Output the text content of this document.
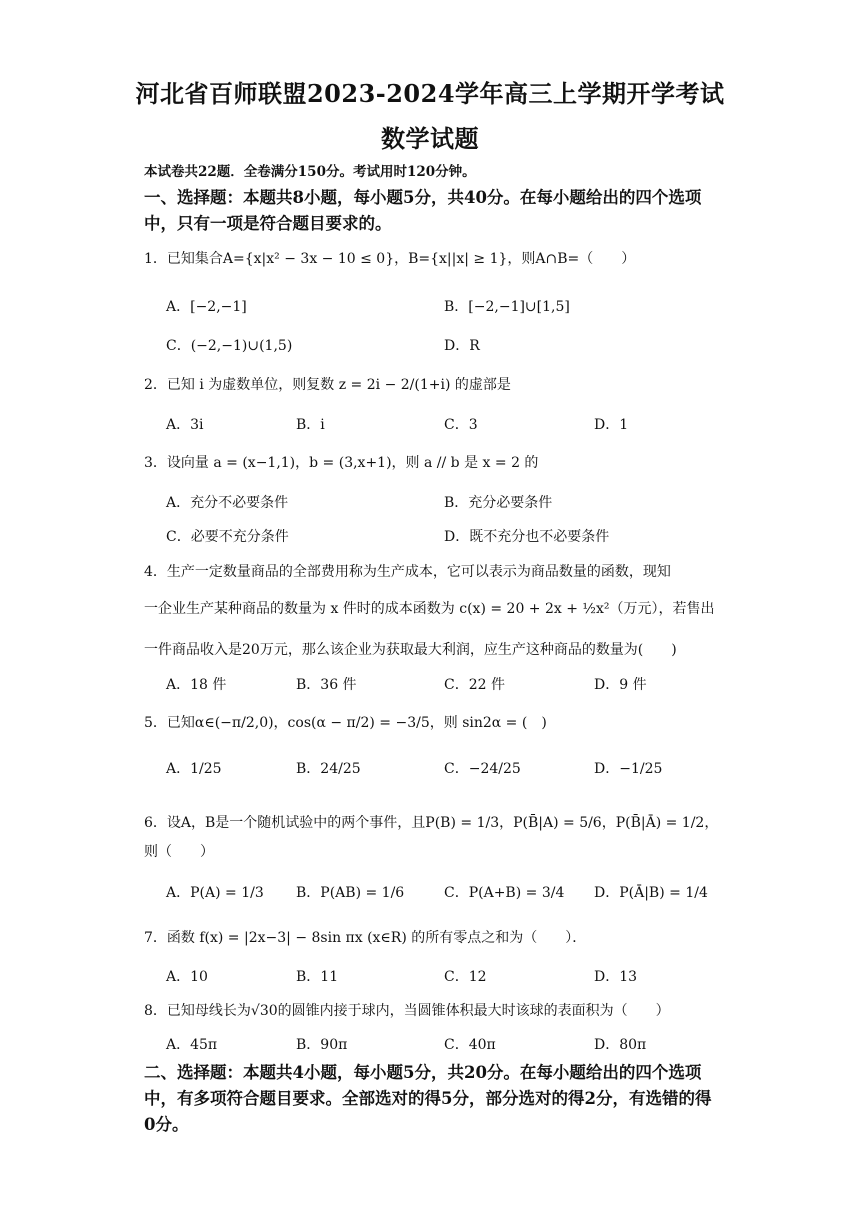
河北省百师联盟2023-2024学年高三上学期开学考试
数学试题
本试卷共22题．全卷满分150分。考试用时120分钟。
一、选择题：本题共8小题，每小题5分，共40分。在每小题给出的四个选项中，只有一项是符合题目要求的。
1．已知集合A={x|x² − 3x − 10 ≤ 0}，B={x||x| ≥ 1}，则A∩B=（　　）
A．[−2,−1]	B．[−2,−1]∪[1,5]
C．(−2,−1)∪(1,5)	D．R
2．已知 i 为虚数单位，则复数 z = 2i − 2/(1+i) 的虚部是
A．3i	B．i	C．3	D．1
3．设向量 a = (x−1,1)，b = (3,x+1)，则 a // b 是 x = 2 的
A．充分不必要条件	B．充分必要条件
C．必要不充分条件	D．既不充分也不必要条件
4．生产一定数量商品的全部费用称为生产成本，它可以表示为商品数量的函数，现知
一企业生产某种商品的数量为 x 件时的成本函数为 c(x) = 20 + 2x + ½x²（万元），若售出
一件商品收入是20万元，那么该企业为获取最大利润，应生产这种商品的数量为(　　)
A．18 件	B．36 件	C．22 件	D．9 件
5．已知α∈(−π/2,0)，cos(α − π/2) = −3/5，则 sin2α = (　)
A．1/25	B．24/25	C．−24/25	D．−1/25
6．设A，B是一个随机试验中的两个事件，且P(B) = 1/3，P(B̄|A) = 5/6，P(B̄|Ā) = 1/2，
则（　　）
A．P(A) = 1/3 B．P(AB) = 1/6	C．P(A+B) = 3/4 D．P(Ā|B) = 1/4
7．函数 f(x) = |2x−3| − 8sin πx (x∈R) 的所有零点之和为（　　）．
A．10	B．11	C．12	D．13
8．已知母线长为√30的圆锥内接于球内，当圆锥体积最大时该球的表面积为（　　）
A．45π	B．90π	C．40π	D．80π
二、选择题：本题共4小题，每小题5分，共20分。在每小题给出的四个选项中，有多项符合题目要求。全部选对的得5分，部分选对的得2分，有选错的得0分。
